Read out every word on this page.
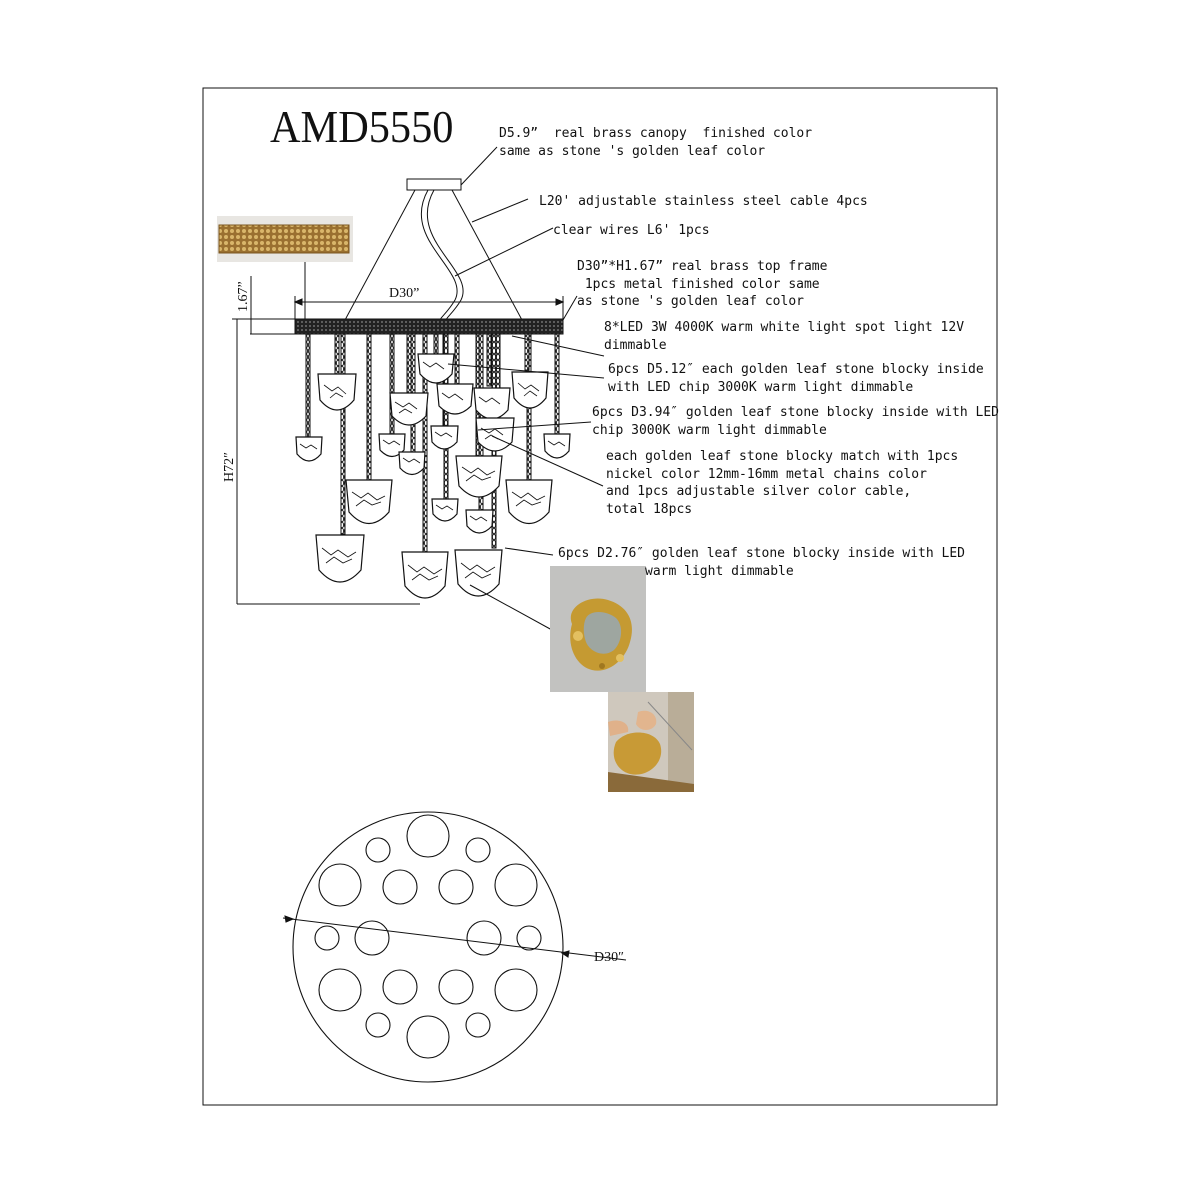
AMD5550	D5.9”  real brass canopy  finished color
same as stone 's golden leaf color
L20' adjustable stainless steel cable 4pcs
clear wires L6' 1pcs
D30”*H1.67” real brass top frame
1pcs metal finished color same
as stone 's golden leaf color
8*LED 3W 4000K warm white light spot light 12V
dimmable
6pcs D5.12″ each golden leaf stone blocky inside
with LED chip 3000K warm light dimmable
6pcs D3.94″ golden leaf stone blocky inside with LED
chip 3000K warm light dimmable
each golden leaf stone blocky match with 1pcs
nickel color 12mm-16mm metal chains color
and 1pcs adjustable silver color cable,
total 18pcs
6pcs D2.76″ golden leaf stone blocky inside with LED
warm light dimmable
D30”
1.67”
H72″
D30″
